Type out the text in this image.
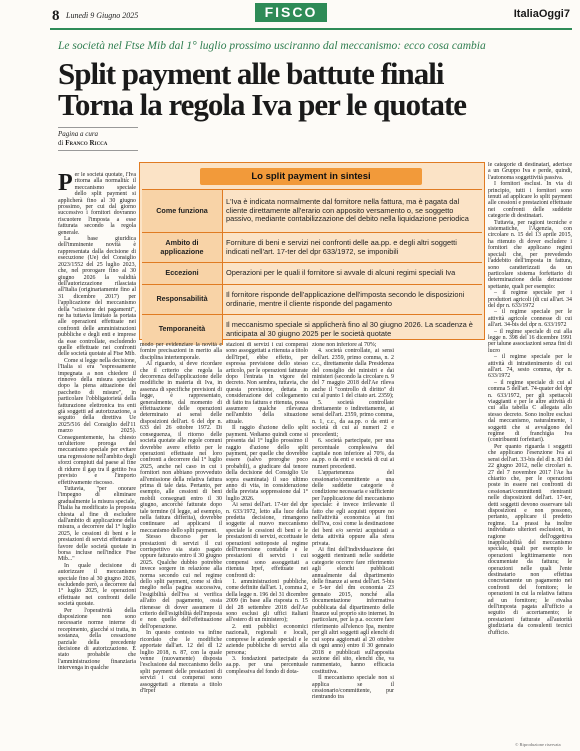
8 Lunedì 9 Giugno 2025	FISCO	ItaliaOggi7
Le società nel Ftse Mib dal 1° luglio prossimo usciranno dal meccanismo: ecco cosa cambia
Split payment alle battute finali
Torna la regola Iva per le quotate
Pagina a cura
di Franco Ricca
Lo split payment in sintesi
Come funziona	L'Iva è indicata normalmente dal fornitore nella fattura, ma è pagata dal cliente direttamente all'erario con apposito versamento o, se soggetto passivo, mediante contabilizzazione del debito nella liquidazione periodica
Ambito di applicazione	Forniture di beni e servizi nei confronti delle aa.pp. e degli altri soggetti indicati nell'art. 17-ter del dpr 633/1972, se imponibili
Eccezioni	Operazioni per le quali il fornitore si avvale di alcuni regimi speciali Iva
Responsabilità	Il fornitore risponde dell'applicazione dell'imposta secondo le disposizioni ordinarie, mentre il cliente risponde del pagamento
Temporaneità	Il meccanismo speciale si applicherà fino al 30 giugno 2026. La scadenza è anticipata al 30 giugno 2025 per le società quotate

Per le società quotate, l'Iva ritorna alla normalità: il meccanismo speciale dello split payment si applicherà fino al 30 giugno prossimo, per cui dal giorno successivo i fornitori dovranno riscuotere l'imposta a esse fatturata secondo la regola generale.

La base giuridica dell'imminente novità è rappresentata dalla decisione di esecuzione (Ue) del Consiglio 2023/1552 del 25 luglio 2023, che, nel prorogare fino al 30 giugno 2026 la validità dell'autorizzazione rilasciata all'Italia (originariamente fino al 31 dicembre 2017) per l'applicazione del meccanismo della "scissione dei pagamenti", ne ha tuttavia limitato la portata alle operazioni effettuate nei confronti delle amministrazioni pubbliche e degli enti e imprese da esse controllate, escludendo quelle effettuate nei confronti delle società quotate al Ftse Mib.

Come si legge nella decisione, l'Italia si era "espressamente impegnata a non chiedere il rinnovo della misura speciale dopo la piena attuazione del pacchetto di misure", in particolare l'obbligatorietà della fatturazione elettronica tra enti già soggetti ad autorizzazione, a seguito della direttiva Ue 2025/516 del Consiglio dell'11 marzo 2025). Conseguentemente, ha chiesto un'ulteriore proroga del meccanismo speciale per evitare una regressione nell'ambito degli sforzi compiuti dal paese al fine di ridurre il gap tra il gettito Iva previsto e l'importo effettivamente riscosso.

Tuttavia, "per onorare l'impegno di eliminare gradualmente la misura speciale, l'Italia ha modificato la proposta chiesta al fine di escludere dall'ambito di applicazione della misura, a decorrere dal 1° luglio 2025, le cessioni di beni e le prestazioni di servizi effettuate a favore delle società quotate in borsa incluse nell'indice Ftse Mib..."

In quale decisione di autorizzare il meccanismo speciale fino al 30 giugno 2026, escludendo però, a decorrere dal 1° luglio 2025, le operazioni effettuate nei confronti delle società quotate.

Per l'operatività della disposizione non sono necessarie norme interne di recepimento, giacché si tratta, in sostanza, della cessazione parziale della precedente decisione di autorizzazione. È stato probabile che l'amministrazione finanziaria intervenga in qualche

modo per evidenziare la novità e fornire precisazioni in merito alla disciplina intertemporale.

Al riguardo, si deve ricordare che il criterio che regola la decorrenza dell'applicazione delle modifiche in materia di Iva, in assenza di specifiche previsioni di legge, è rappresentato, generalmente, dal momento di effettuazione delle operazioni determinato ai sensi delle disposizioni dell'art. 6 del dpr n. 633 del 26 ottobre 1972. Di conseguenza, il ritorno delle società quotate alle regole comuni dovrebbe avere effetto per le operazioni effettuate nei loro confronti a decorrere dal 1° luglio 2025, anche nel caso in cui i fornitori non abbiano provveduto all'emissione della relativa fattura prima di tale data. Pertanto, per esempio, alle cessioni di beni mobili consegnati entro il 30 giugno, ancorché fatturate dopo tale termine (il legge, ad esempio, nella fattura differita), dovrebbe continuare ad applicarsi il meccanismo dello split payment.

Stesso discorso per le prestazioni di servizi il cui corrispettivo sia stato pagato oppure fatturato entro il 30 giugno 2025. Qualche dubbio potrebbe invece sorgere in relazione alla norma secondo cui nel regime dello split payment, come si dirà meglio nella pagina successiva, l'esigibilità dell'Iva si verifica all'atto del pagamento, ossia ritenesse di dover assumere il criterio dell'esigibilità dell'imposta e non quello dell'effettuazione dell'operazione.

In questo contesto va infine ricordato che le modifiche apportate dall'art. 12 del dl 12 luglio 2018, n. 87, con la quale venne (nuovamente) disposta l'esclusione dal meccanismo dello split payment delle prestazioni di servizi i cui compensi sono assoggettati a ritenuta a titolo d'Irpef

stazioni di servizi i cui compensi sono assoggettati a ritenuta a titolo dell'Irpef, ebbe effetto, per espressa previsione dello stesso articolo, per le operazioni fatturate dopo l'entrata in vigore del decreto. Non sembra, tuttavia, che questa previsione, dettata in considerazione del collegamento di fatto tra fattura e ritenuta, possa assumere qualche rilevanza nell'ambito della situazione attuale.

Il raggio d'azione dello split payment. Vediamo quindi come si presenta dal 1° luglio prossimo il raggio d'azione dello split payment, per quelle che dovrebbe essere (salvo proroghe poco probabili), a giudicare dal tenore della decisione del Consiglio Ue sopra esaminata) il suo ultimo anno di vita, in considerazione della prevista soppressione dal 1° luglio 2026.

Ai sensi dell'art. 17-ter del dpr n. 633/1972, letto alla luce della predetta decisione, rimangono soggette al nuovo meccanismo speciale le cessioni di beni e le prestazioni di servizi, eccettuate le operazioni sottoposte al regime dell'inversione contabile e le prestazioni di servizi i cui compensi sono assoggettati a ritenuta Irpef, effettuate nei confronti di:

1. amministrazioni pubbliche, come definite dall'art. 1, comma 2, della legge n. 196 del 31 dicembre 2009 (in base alla risposta n. 15 del 28 settembre 2018 dell'Ae sono esclusi gli uffici italiani all'estero di un ministero);

2. enti pubblici economici nazionali, regionali e locali, comprese le aziende speciali e le aziende pubbliche di servizi alla persona;

3. fondazioni partecipate da aa.pp. per una percentuale complessiva del fondo di dota-

zione non inferiore al 70%;

4. società controllate, ai sensi dell'art. 2359, primo comma, n. 2 c.c., direttamente dalla Presidenza del consiglio dei ministri e dai ministeri (secondo la circolare n. 9 del 7 maggio 2018 dell'Ae rileva anche il "controllo di diritto" di cui al punto 1 del citato art. 2359);

5. società controllate direttamente o indirettamente, ai sensi dell'art. 2359, primo comma, n. 1, c.c., da aa.pp. o da enti e società di cui ai numeri 2 e precedenti;

6. società partecipate, per una percentuale complessiva del capitale non inferiore al 70%, da aa.pp. o da enti e società di cui ai numeri precedenti.

L'appartenenza del cessionario/committente a una delle suddette categorie è condizione necessaria e sufficiente per l'applicazione del meccanismo speciale: è invece irrilevante il fatto che egli acquisti oppure no nell'attività economica ai fini dell'Iva, così come la destinazione dei beni e/o servizi acquistati a detta attività oppure alla sfera privata.

Ai fini dell'individuazione dei soggetti rientranti nelle suddette categorie occorre fare riferimento agli elenchi pubblicati annualmente dal dipartimento delle finanze ai sensi dell'art. 5-bis e 5-ter del dm economia 23 gennaio 2015, nonché alla documentazione informativa pubblicata dal dipartimento delle finanze sul proprio sito internet. In particolare, per la p.a. occorre fare riferimento all'elenco Ipa, mentre per gli altri soggetti agli elenchi di cui sopra aggiornati al 20 ottobre di ogni anno) entro il 30 gennaio 2018 e pubblicati sull'apposita sezione del sito, elenchi che, va rammentato, hanno efficacia costitutiva.

Il meccanismo speciale non si applica se il cessionario/committente, pur rientrando tra

le categorie di destinatari, aderisce a un Gruppo Iva e perde, quindi, l'autonoma soggettività passiva.

I fornitori esclusi. In via di principio, tutti i fornitori sono tenuti ad applicare lo split payment alle cessioni e prestazioni effettuate nei confronti delle suddette categorie di destinatari.

Tuttavia, per ragioni tecniche e sistematiche, l'Agenzia, con circolare n. 15 del 13 aprile 2015, ha ritenuto di dover escludere i fornitori che applicano regimi speciali che, per prevedendo l'addebito dell'imposta in fattura, sono caratterizzati da un particolare sistema forfettario di determinazione della detrazione spettante, quali per esempio:

– il regime speciale per i produttori agricoli (di cui all'art. 34 del dpr n. 633/1972

– il regime speciale per le attività agricole connesse di cui all'art. 34-bis del dpr n. 633/1972

– il regime speciale di cui alla legge n. 398 del 16 dicembre 1991 per talune associazioni senza fini di lucro

– il regime speciale per le attività di intrattenimento di cui all'art. 74, sesto comma, dpr n. 633/1972

– il regime speciale di cui al comma 5 dell'art. 74-quater del dpr n. 633/1972, per gli spettacoli viaggianti e per le altre attività di cui alla tabella C allegata allo stesso decreto. Sono inoltre esclusi dal meccanismo, naturalmente, i soggetti che si avvalgono del regime di franchigia Iva (contribuenti forfettari).

Per quanto riguarda i soggetti che applicano l'esenzione Iva ai sensi dell'art. 33-bis del dl n. 83 del 22 giugno 2012, nelle circolari n. 27 del 7 novembre 2017 l'Ae ha chiarito che, per le operazioni poste in essere nei confronti di cessionari/committenti rientranti nelle disposizioni dell'art. 17-ter, detti soggetti devono osservare tali disposizioni e non possono, pertanto, applicare il predetto regime. La prassi ha inoltre individuato ulteriori esclusioni, in ragione dell'oggettiva inapplicabilità del meccanismo speciale, quali per esempio le operazioni legittimamente non documentate da fattura; le operazioni nelle quali l'ente destinatario non effettua concretamente un pagamento nei confronti del fornitore; le operazioni in cui la relativa fattura ad un fornitore; le rivalsa dell'imposta pagata all'ufficio a seguito di accertamento; le prestazioni fatturate all'autorità giudiziaria da consulenti tecnici d'ufficio.

© Riproduzione riservata
